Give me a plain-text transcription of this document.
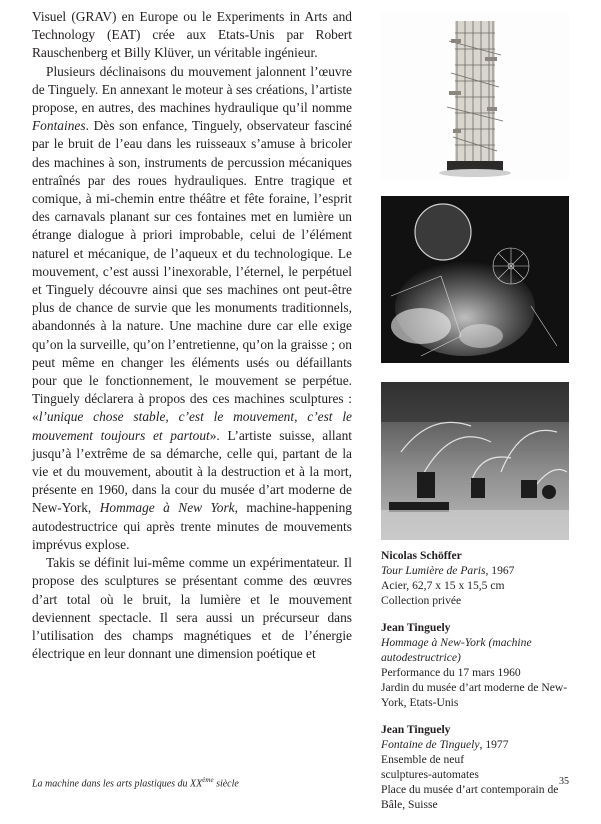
Visuel (GRAV) en Europe ou le Experiments in Arts and Technology (EAT) crée aux Etats-Unis par Robert Rauschenberg et Billy Klüver, un véritable ingénieur.

Plusieurs déclinaisons du mouvement jalonnent l’œuvre de Tinguely. En annexant le moteur à ses créations, l’artiste propose, en autres, des machines hydraulique qu’il nomme Fontaines. Dès son enfance, Tinguely, observateur fasciné par le bruit de l’eau dans les ruisseaux s’amuse à bricoler des machines à son, instruments de percussion mécaniques entraînés par des roues hydrauliques. Entre tragique et comique, à mi-chemin entre théâtre et fête foraine, l’esprit des carnavals planant sur ces fontaines met en lumière un étrange dialogue à priori improbable, celui de l’élément naturel et mécanique, de l’aqueux et du technologique. Le mouvement, c’est aussi l’inexorable, l’éternel, le perpétuel et Tinguely découvre ainsi que ses machines ont peut-être plus de chance de survie que les monuments traditionnels, abandonnés à la nature. Une machine dure car elle exige qu’on la surveille, qu’on l’entretienne, qu’on la graisse ; on peut même en changer les éléments usés ou défaillants pour que le fonctionnement, le mouvement se perpétue. Tinguely déclarera à propos des ces machines sculptures : «l’unique chose stable, c’est le mouvement, c’est le mouvement toujours et partout». L’artiste suisse, allant jusqu’à l’extrême de sa démarche, celle qui, partant de la vie et du mouvement, aboutit à la destruction et à la mort, présente en 1960, dans la cour du musée d’art moderne de New-York, Hommage à New York, machine-happening autodestructrice qui après trente minutes de mouvements imprévus explose.

Takis se définit lui-même comme un expérimentateur. Il propose des sculptures se présentant comme des œuvres d’art total où le bruit, la lumière et le mouvement deviennent spectacle. Il sera aussi un précurseur dans l’utilisation des champs magnétiques et de l’énergie électrique en leur donnant une dimension poétique et

Nicolas Schöffer
Tour Lumière de Paris, 1967
Acier, 62,7 x 15 x 15,5 cm
Collection privée
Jean Tinguely
Hommage à New-York (machine autodestructrice)
Performance du 17 mars 1960
Jardin du musée d’art moderne de New-York, Etats-Unis
Jean Tinguely
Fontaine de Tinguely, 1977
Ensemble de neuf
sculptures-automates
Place du musée d’art contemporain de Bâle, Suisse
La machine dans les arts plastiques du XXème siècle	35
